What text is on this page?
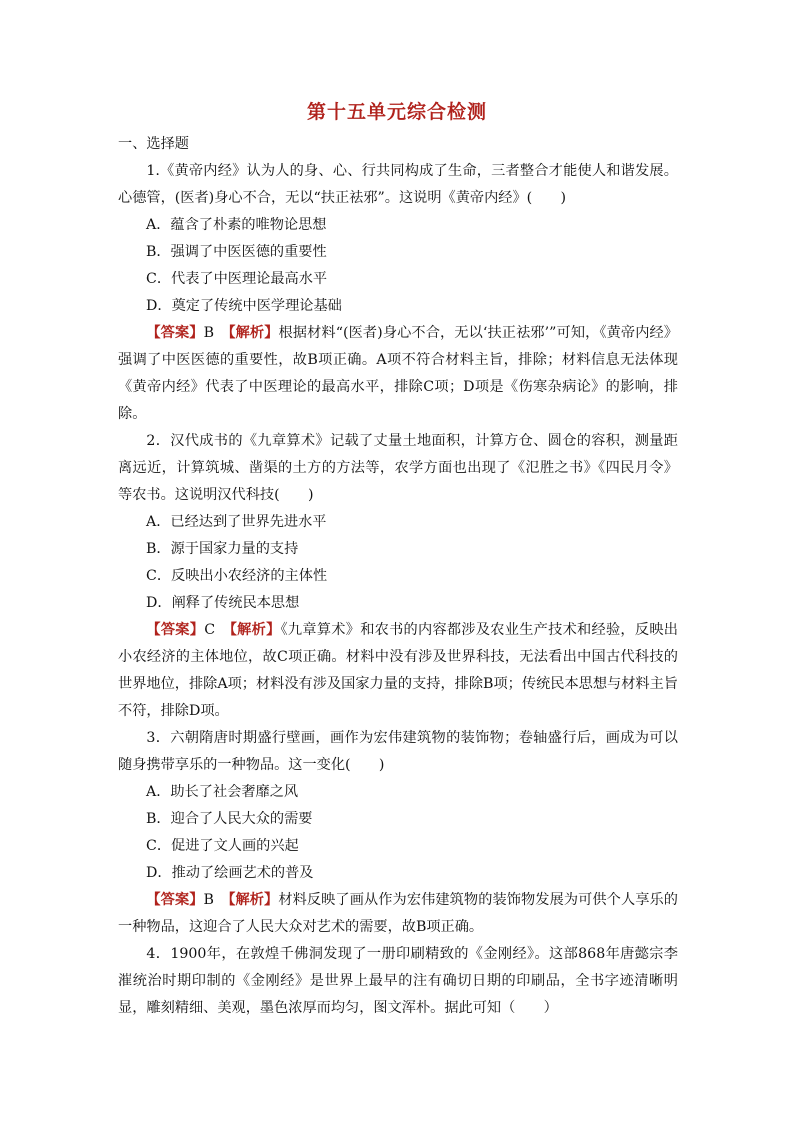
第十五单元综合检测

一、选择题

1.《黄帝内经》认为人的身、心、行共同构成了生命，三者整合才能使人和谐发展。心德管，(医者)身心不合，无以“扶正祛邪”。这说明《黄帝内经》(　　)

A．蕴含了朴素的唯物论思想

B．强调了中医医德的重要性

C．代表了中医理论最高水平

D．奠定了传统中医学理论基础

【答案】B　 【解析】根据材料“(医者)身心不合，无以‘扶正祛邪’”可知，《黄帝内经》强调了中医医德的重要性，故B项正确。A项不符合材料主旨，排除；材料信息无法体现《黄帝内经》代表了中医理论的最高水平，排除C项；D项是《伤寒杂病论》的影响，排除。

2．汉代成书的《九章算术》记载了丈量土地面积，计算方仓、圆仓的容积，测量距离远近，计算筑城、凿渠的土方的方法等，农学方面也出现了《氾胜之书》《四民月令》等农书。这说明汉代科技(　　)

A．已经达到了世界先进水平

B．源于国家力量的支持

C．反映出小农经济的主体性

D．阐释了传统民本思想

【答案】C　 【解析】《九章算术》和农书的内容都涉及农业生产技术和经验，反映出小农经济的主体地位，故C项正确。材料中没有涉及世界科技，无法看出中国古代科技的世界地位，排除A项；材料没有涉及国家力量的支持，排除B项；传统民本思想与材料主旨不符，排除D项。

3．六朝隋唐时期盛行壁画，画作为宏伟建筑物的装饰物；卷轴盛行后，画成为可以随身携带享乐的一种物品。这一变化(　　)

A．助长了社会奢靡之风

B．迎合了人民大众的需要

C．促进了文人画的兴起

D．推动了绘画艺术的普及

【答案】B　 【解析】材料反映了画从作为宏伟建筑物的装饰物发展为可供个人享乐的一种物品，这迎合了人民大众对艺术的需要，故B项正确。

4．1900年，在敦煌千佛洞发现了一册印刷精致的《金刚经》。这部868年唐懿宗李漼统治时期印制的《金刚经》是世界上最早的注有确切日期的印刷品，全书字迹清晰明显，雕刻精细、美观，墨色浓厚而均匀，图文浑朴。据此可知（　　）
